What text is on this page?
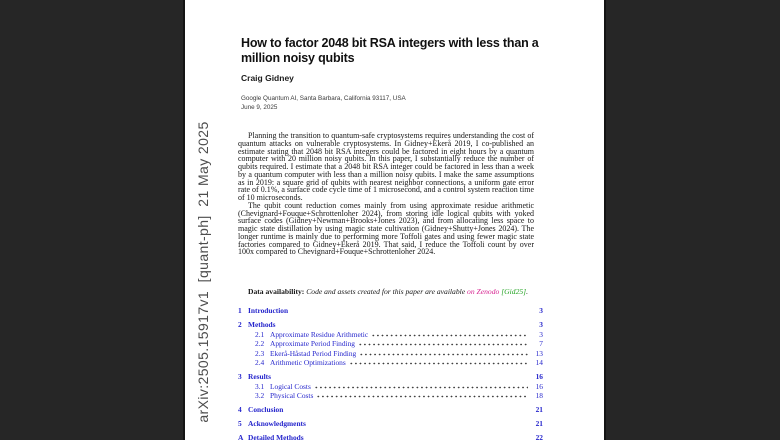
arXiv:2505.15917v1  [quant-ph]  21 May 2025
How to factor 2048 bit RSA integers with less than a
million noisy qubits
Craig Gidney
Google Quantum AI, Santa Barbara, California 93117, USA
June 9, 2025

Planning the transition to quantum-safe cryptosystems requires understanding the cost of quantum attacks on vulnerable cryptosystems. In Gidney+Ekerå 2019, I co-published an estimate stating that 2048 bit RSA integers could be factored in eight hours by a quantum computer with 20 million noisy qubits. In this paper, I substantially reduce the number of qubits required. I estimate that a 2048 bit RSA integer could be factored in less than a week by a quantum computer with less than a million noisy qubits. I make the same assumptions as in 2019: a square grid of qubits with nearest neighbor connections, a uniform gate error rate of 0.1%, a surface code cycle time of 1 microsecond, and a control system reaction time of 10 microseconds.

The qubit count reduction comes mainly from using approximate residue arithmetic (Chevignard+Fouque+Schrottenloher 2024), from storing idle logical qubits with yoked surface codes (Gidney+Newman+Brooks+Jones 2023), and from allocating less space to magic state distillation by using magic state cultivation (Gidney+Shutty+Jones 2024). The longer runtime is mainly due to performing more Toffoli gates and using fewer magic state factories compared to Gidney+Ekerå 2019. That said, I reduce the Toffoli count by over 100x compared to Chevignard+Fouque+Schrottenloher 2024.

Data availability: Code and assets created for this paper are available on Zenodo [Gid25].
1 Introduction	3
2 Methods	3
2.1 Approximate Residue Arithmetic	3
2.2 Approximate Period Finding	7
2.3 Ekerå-Håstad Period Finding	13
2.4 Arithmetic Optimizations	14
3 Results	16
3.1 Logical Costs	16
3.2 Physical Costs	18
4 Conclusion	21
5 Acknowledgments	21
A Detailed Methods	22
